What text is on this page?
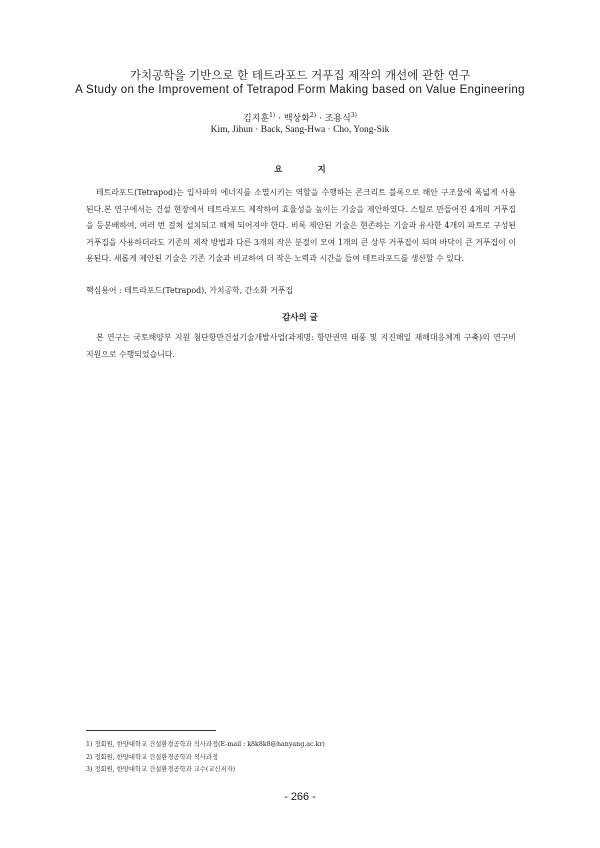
가치공학을 기반으로 한 테트라포드 거푸집 제작의 개선에 관한 연구
A Study on the Improvement of Tetrapod Form Making based on Value Engineering
김지훈$^{1)}$ · 백상화$^{2)}$ · 조용식$^{3)}$
Kim, Jihun · Back, Sang-Hwa · Cho, Yong-Sik
요 지

테트라포드(Tetrapod)는 입사파의 에너지를 소멸시키는 역할을 수행하는 콘크리트 블록으로 해안 구조물에 폭넓게 사용된다.본 연구에서는 건설 현장에서 테트라포드 제작하여 효율성을 높이는 기술을 제안하였다. 스틸로 만들어진 4개의 거푸집을 등분배하여, 여러 번 걸쳐 설치되고 해체 되어져야 한다. 비록 제안된 기술은 현존하는 기술과 유사한 4개의 파트로 구성된 거푸집을 사용하더라도 기존의 제작 방법과 다른 3개의 작은 분절이 모여 1개의 큰 상부 거푸집이 되며 바닥이 큰 거푸집이 이용된다. 새롭게 제안된 기술은 기존 기술과 비교하여 더 작은 노력과 시간을 들여 테트라포드를 생산할 수 있다.

핵심용어 : 테트라포드(Tetrapod), 가치공학, 간소화 거푸집

감사의 글

본 연구는 국토해양부 지원 첨단항만건설기술개발사업(과제명: 항만권역 태풍 및 지진해일 재해대응체계 구축)의 연구비 지원으로 수행되었습니다.

1) 정회원, 한양대학교 건설환경공학과 석사과정(E-mail : k8k8k8@hanyang.ac.kr)
2) 정회원, 한양대학교 건설환경공학과 석사과정
3) 정회원, 한양대학교 건설환경공학과 교수(교신저자)
- 266 -
